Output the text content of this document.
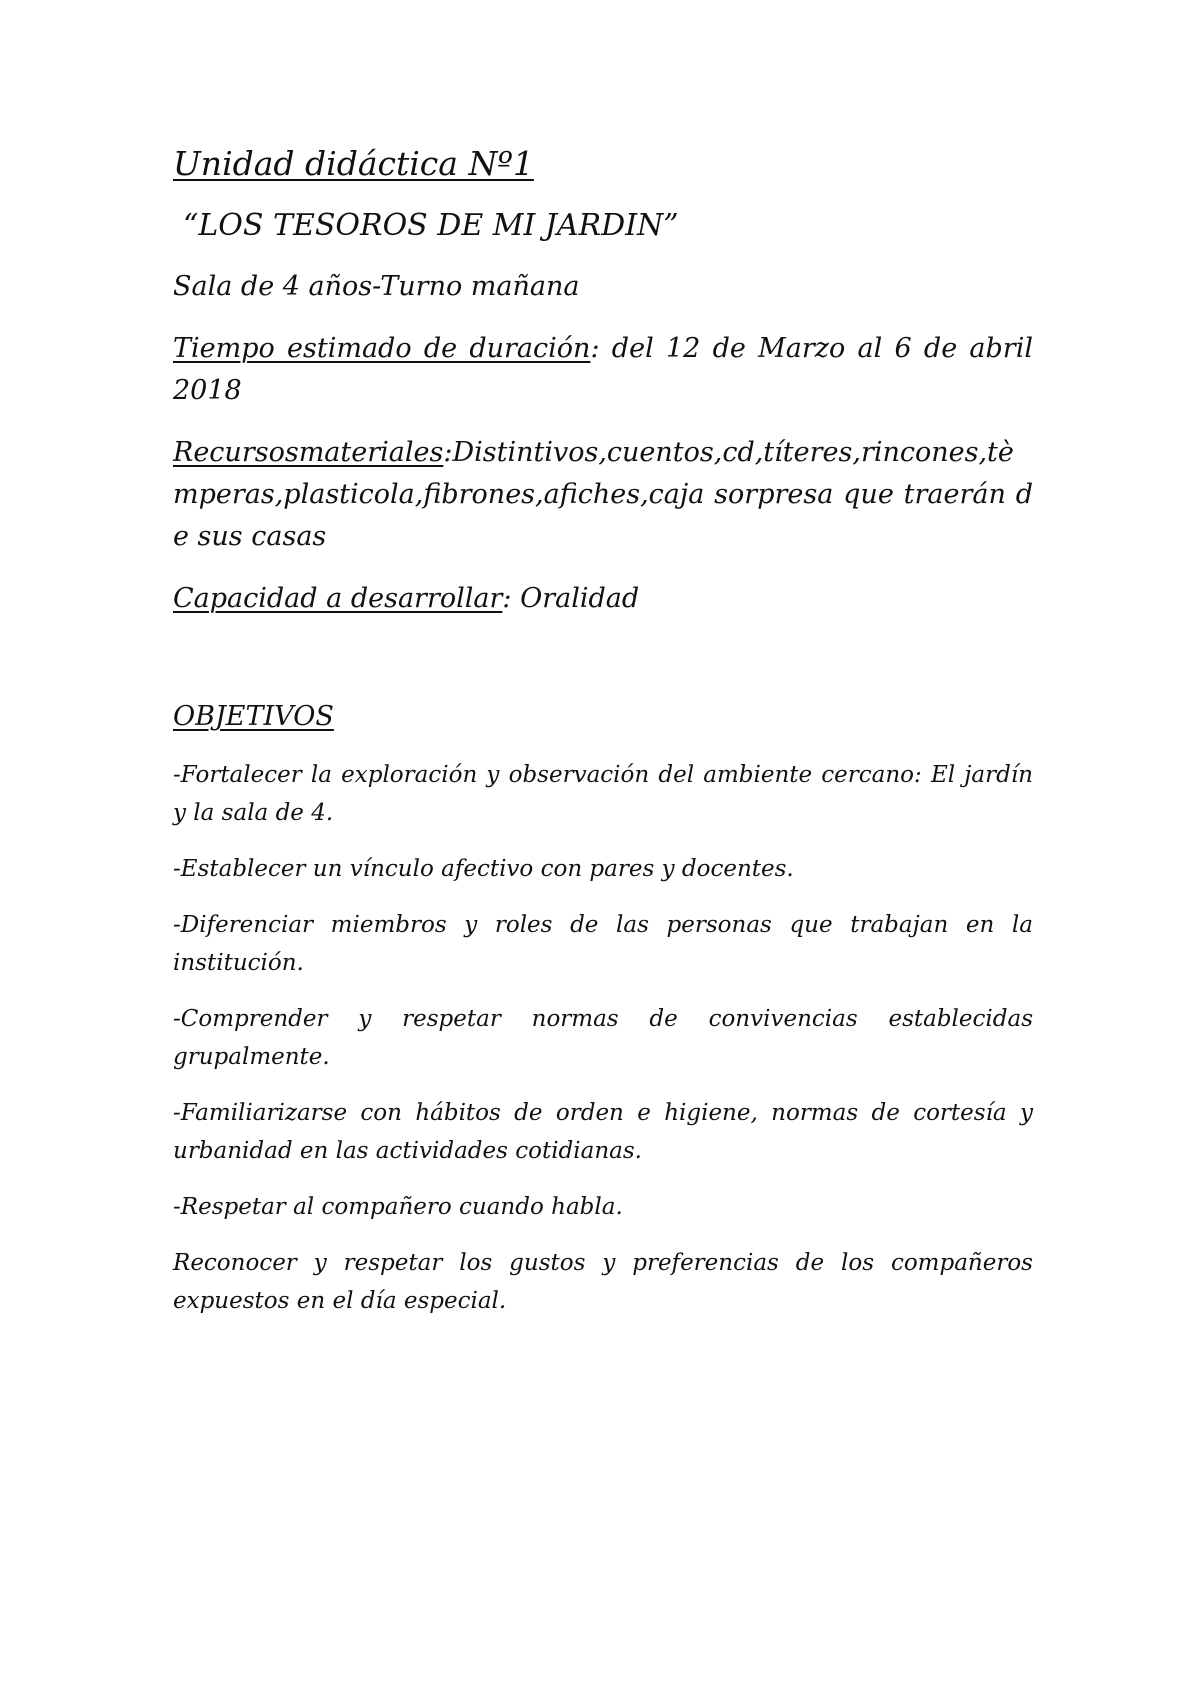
Unidad didáctica Nº1

“LOS TESOROS DE MI JARDIN”

Sala de 4 años-Turno mañana

Tiempo estimado de duración: del 12 de Marzo al 6 de abril 2018

Recursosmateriales:Distintivos,cuentos,cd,títeres,rincones,tèmperas,plasticola,fibrones,afiches,caja sorpresa que traerán de sus casas

Capacidad a desarrollar: Oralidad

OBJETIVOS

-Fortalecer la exploración y observación del ambiente cercano: El jardín y la sala de 4.

-Establecer un vínculo afectivo con pares y docentes.

-Diferenciar miembros y roles de las personas que trabajan en la institución.

-Comprender y respetar normas de convivencias establecidas grupalmente.

-Familiarizarse con hábitos de orden e higiene, normas de cortesía y urbanidad en las actividades cotidianas.

-Respetar al compañero cuando habla.

Reconocer y respetar los gustos y preferencias de los compañeros expuestos en el día especial.
